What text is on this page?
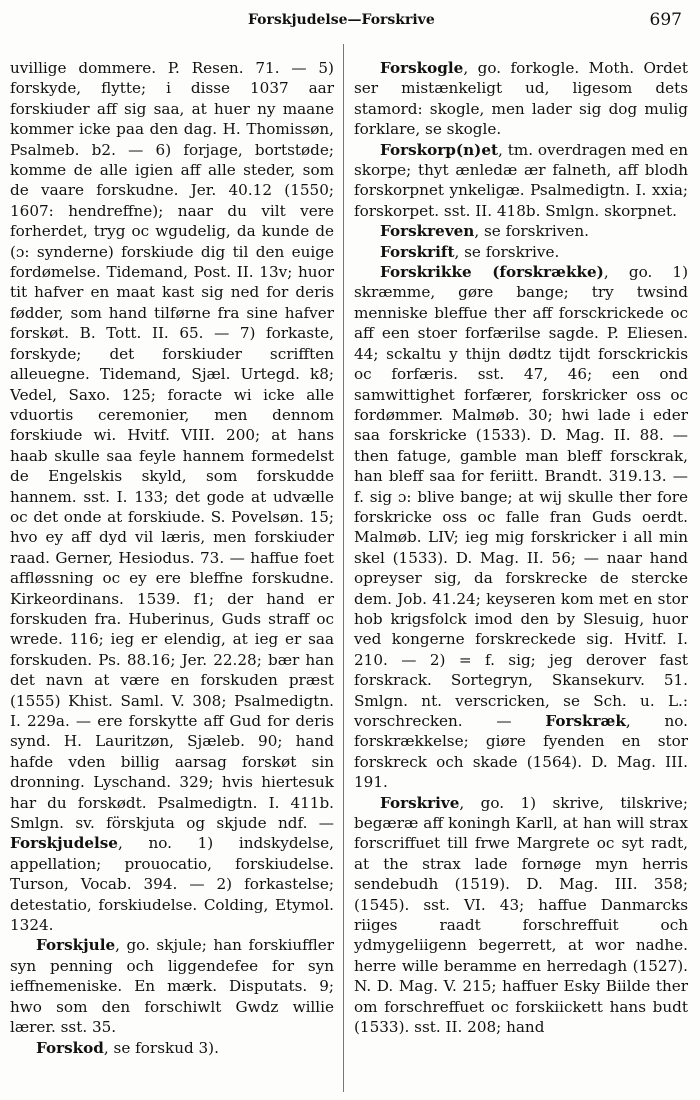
Forskjudelse—Forskrive	697

uvillige dommere. P. Resen. 71. — 5) forskyde, flytte; i disse 1037 aar forskiuder aff sig saa, at huer ny maane kommer icke paa den dag. H. Thomissøn, Psalmeb. b2. — 6) forjage, bortstøde; komme de alle igien aff alle steder, som de vaare forskudne. Jer. 40.12 (1550; 1607: hendreffne); naar du vilt vere forherdet, tryg oc wgudelig, da kunde de (ɔ: synderne) forskiude dig til den euige fordømelse. Tidemand, Post. II. 13v; huor tit hafver en maat kast sig ned for deris fødder, som hand tilførne fra sine hafver forskøt. B. Tott. II. 65. — 7) forkaste, forskyde; det forskiuder scrifften alleuegne. Tidemand, Sjæl. Urtegd. k8; Vedel, Saxo. 125; foracte wi icke alle vduortis ceremonier, men dennom forskiude wi. Hvitf. VIII. 200; at hans haab skulle saa feyle hannem formedelst de Engelskis skyld, som forskudde hannem. sst. I. 133; det gode at udvælle oc det onde at forskiude. S. Povelsøn. 15; hvo ey aff dyd vil læris, men forskiuder raad. Gerner, Hesiodus. 73. — haffue foet affløssning oc ey ere bleffne forskudne. Kirkeordinans. 1539. f1; der hand er forskuden fra. Huberinus, Guds straff oc wrede. 116; ieg er elendig, at ieg er saa forskuden. Ps. 88.16; Jer. 22.28; bær han det navn at være en forskuden præst (1555) Khist. Saml. V. 308; Psalmedigtn. I. 229a. — ere forskytte aff Gud for deris synd. H. Lauritzøn, Sjæleb. 90; hand hafde vden billig aarsag forskøt sin dronning. Lyschand. 329; hvis hiertesuk har du forskødt. Psalmedigtn. I. 411b. Smlgn. sv. förskjuta og skjude ndf. — Forskjudelse, no. 1) indskydelse, appellation; prouocatio, forskiudelse. Turson, Vocab. 394. — 2) forkastelse; detestatio, forskiudelse. Colding, Etymol. 1324.

Forskjule, go. skjule; han forskiuffler syn penning och liggendefee for syn ieffnemeniske. En mærk. Disputats. 9; hwo som den forschiwlt Gwdz willie lærer. sst. 35.

Forskod, se forskud 3).

Forskogle, go. forkogle. Moth. Ordet ser mistænkeligt ud, ligesom dets stamord: skogle, men lader sig dog mulig forklare, se skogle.

Forskorp(n)et, tm. overdragen med en skorpe; thyt ænledæ ær falneth, aff blodh forskorpnet ynkeligæ. Psalmedigtn. I. xxia; forskorpet. sst. II. 418b. Smlgn. skorpnet.

Forskreven, se forskriven.

Forskrift, se forskrive.

Forskrikke (forskrække), go. 1) skræmme, gøre bange; try twsind menniske bleffue ther aff forsckrickede oc aff een stoer forfærilse sagde. P. Eliesen. 44; sckaltu y thijn dødtz tijdt forsckrickis oc forfæris. sst. 47, 46; een ond samwittighet forfærer, forskricker oss oc fordømmer. Malmøb. 30; hwi lade i eder saa forskricke (1533). D. Mag. II. 88. — then fatuge, gamble man bleff forsckrak, han bleff saa for feriitt. Brandt. 319.13. — f. sig ɔ: blive bange; at wij skulle ther fore forskricke oss oc falle fran Guds oerdt. Malmøb. LIV; ieg mig forskricker i all min skel (1533). D. Mag. II. 56; — naar hand opreyser sig, da forskrecke de stercke dem. Job. 41.24; keyseren kom met en stor hob krigsfolck imod den by Slesuig, huor ved kongerne forskreckede sig. Hvitf. I. 210. — 2) = f. sig; jeg derover fast forskrack. Sortegryn, Skansekurv. 51. Smlgn. nt. verscricken, se Sch. u. L.: vorschrecken. — Forskræk, no. forskrækkelse; giøre fyenden en stor forskreck och skade (1564). D. Mag. III. 191.

Forskrive, go. 1) skrive, tilskrive; begæræ aff koningh Karll, at han will strax forscriffuet till frwe Margrete oc syt radt, at the strax lade fornøge myn herris sendebudh (1519). D. Mag. III. 358; (1545). sst. VI. 43; haffue Danmarcks riiges raadt forschreffuit och ydmygeliigenn begerrett, at wor nadhe. herre wille beramme en herredagh (1527). N. D. Mag. V. 215; haffuer Esky Biilde ther om forschreffuet oc forskiickett hans budt (1533). sst. II. 208; hand
